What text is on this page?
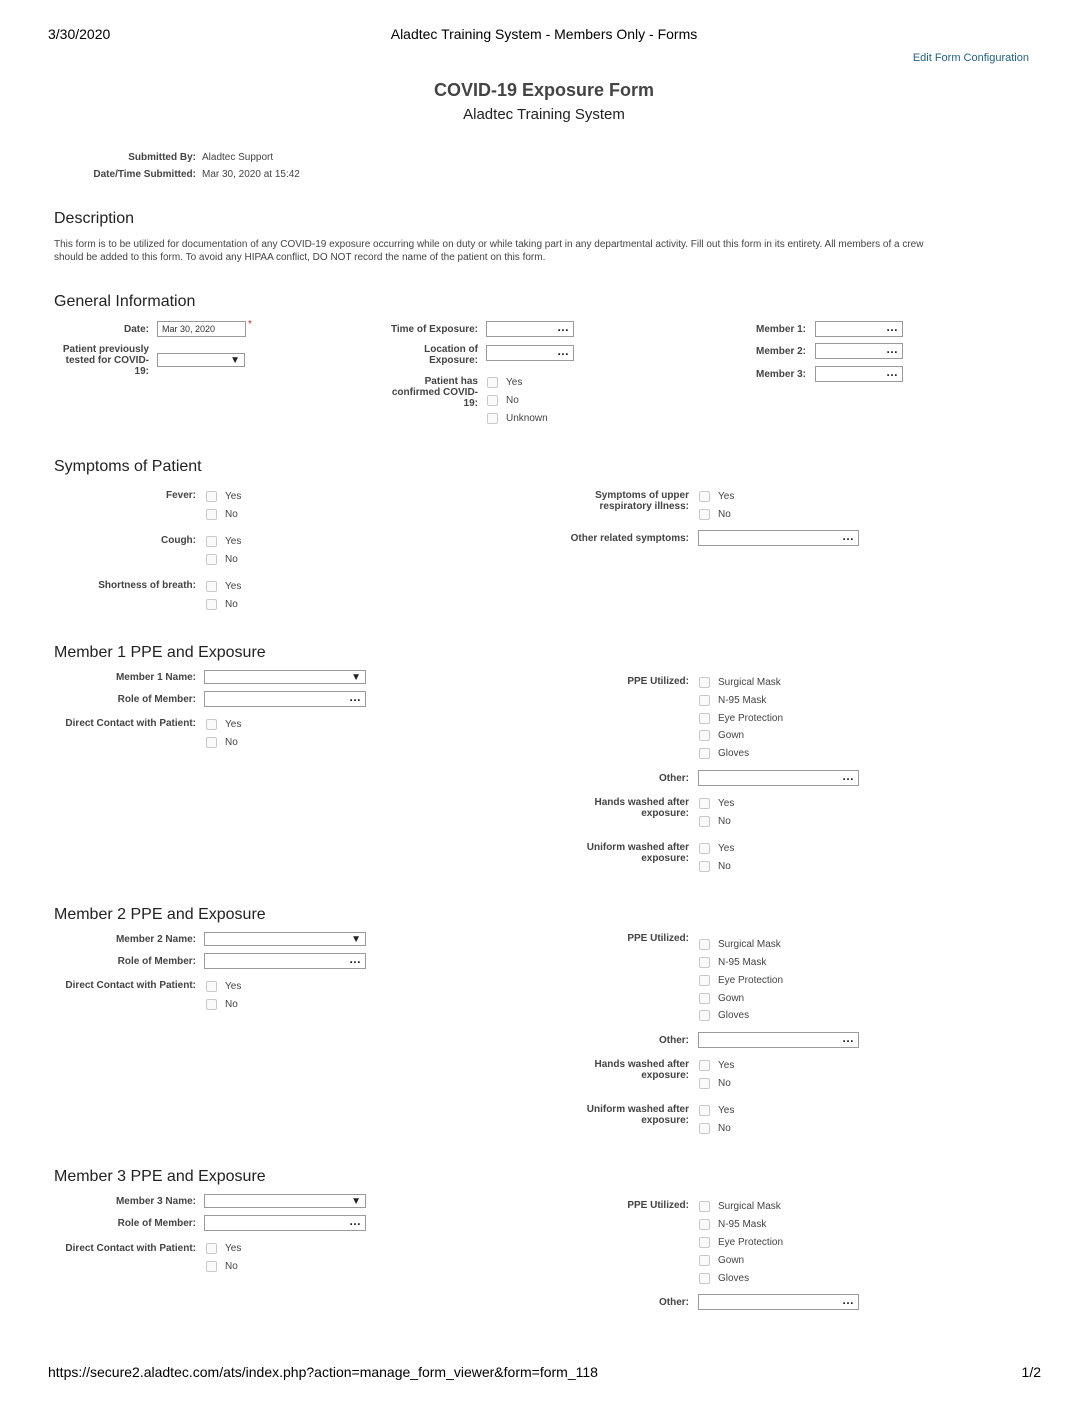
3/30/2020	Aladtec Training System - Members Only - Forms
Edit Form Configuration
COVID-19 Exposure Form
Aladtec Training System
Submitted By: Aladtec Support
Date/Time Submitted: Mar 30, 2020 at 15:42
Description
This form is to be utilized for documentation of any COVID-19 exposure occurring while on duty or while taking part in any departmental activity. Fill out this form in its entirety. All members of a crew
should be added to this form. To avoid any HIPAA conflict, DO NOT record the name of the patient on this form.
General Information
Date: Mar 30, 2020	*
Patient previously
tested for COVID-
19:
▼
Time of Exposure:	…
Location of
Exposure:
…
Patient has
confirmed COVID-
19:
Yes
No
Unknown
Member 1:	…
Member 2:	…
Member 3:	…
Symptoms of Patient
Fever:	Yes
No
Cough:	Yes
No
Shortness of breath:	Yes
No
Symptoms of upper
respiratory illness:
Yes
No
Other related symptoms:	…
Member 1 PPE and Exposure
Member 1 Name:	▼
Role of Member:	…
Direct Contact with Patient:	Yes
No
PPE Utilized:	Surgical Mask
N-95 Mask
Eye Protection
Gown
Gloves
Other:	…
Hands washed after
exposure:
Yes
No
Uniform washed after
exposure:
Yes
No
Member 2 PPE and Exposure
Member 2 Name:	▼
Role of Member:	…
Direct Contact with Patient:	Yes
No
PPE Utilized:	Surgical Mask
N-95 Mask
Eye Protection
Gown
Gloves
Other:	…
Hands washed after
exposure:
Yes
No
Uniform washed after
exposure:
Yes
No
Member 3 PPE and Exposure
Member 3 Name:	▼
Role of Member:	…
Direct Contact with Patient:	Yes
No
PPE Utilized:	Surgical Mask
N-95 Mask
Eye Protection
Gown
Gloves
Other:	…
https://secure2.aladtec.com/ats/index.php?action=manage_form_viewer&form=form_118	1/2
